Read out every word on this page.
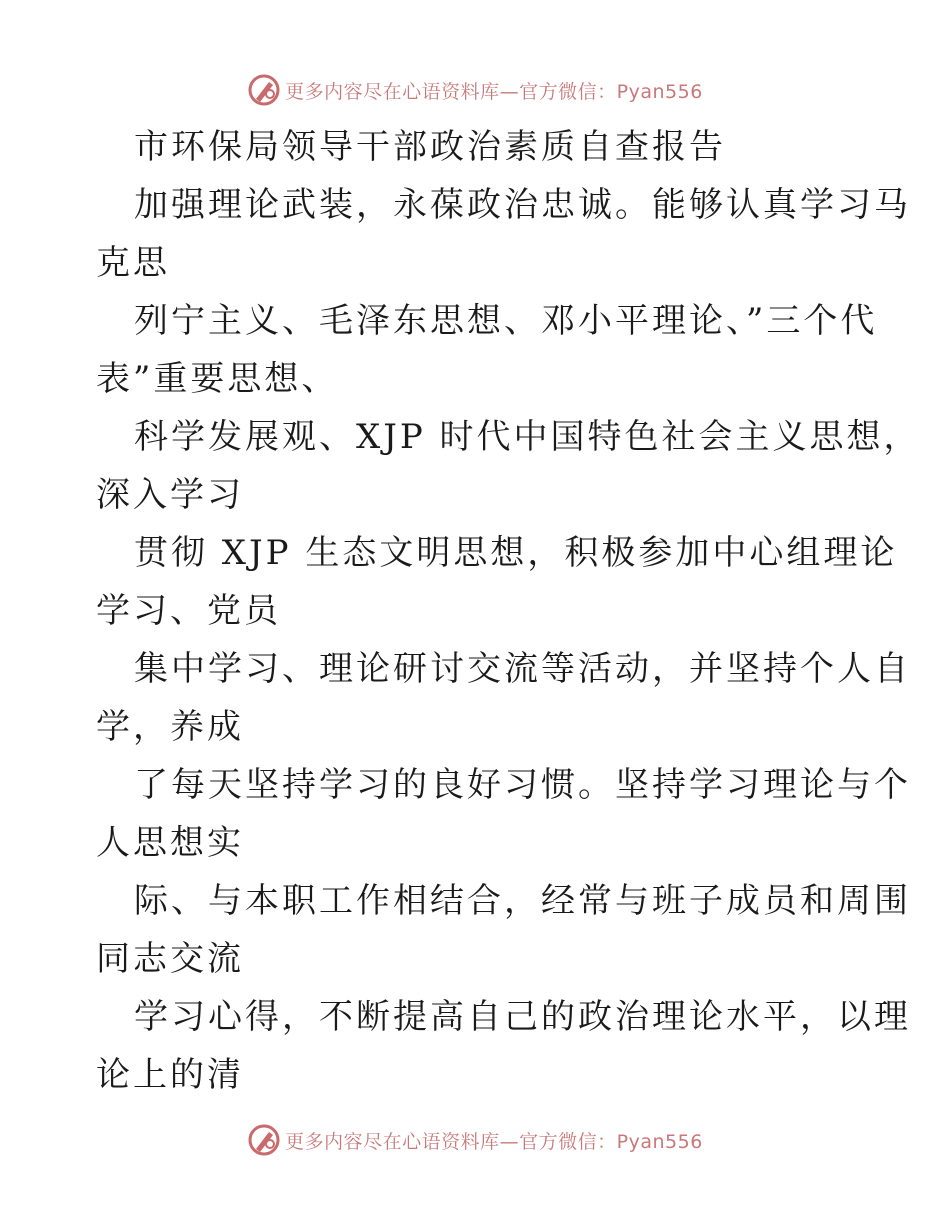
更多内容尽在心语资料库—官方微信：Pyan556
市环保局领导干部政治素质自查报告
加强理论武装，永葆政治忠诚。能够认真学习马
克思
列宁主义、毛泽东思想、邓小平理论、”三个代
表”重要思想、
科学发展观、XJP 时代中国特色社会主义思想，
深入学习
贯彻 XJP 生态文明思想，积极参加中心组理论
学习、党员
集中学习、理论研讨交流等活动，并坚持个人自
学，养成
了每天坚持学习的良好习惯。坚持学习理论与个
人思想实
际、与本职工作相结合，经常与班子成员和周围
同志交流
学习心得，不断提高自己的政治理论水平，以理
论上的清
更多内容尽在心语资料库—官方微信：Pyan556
